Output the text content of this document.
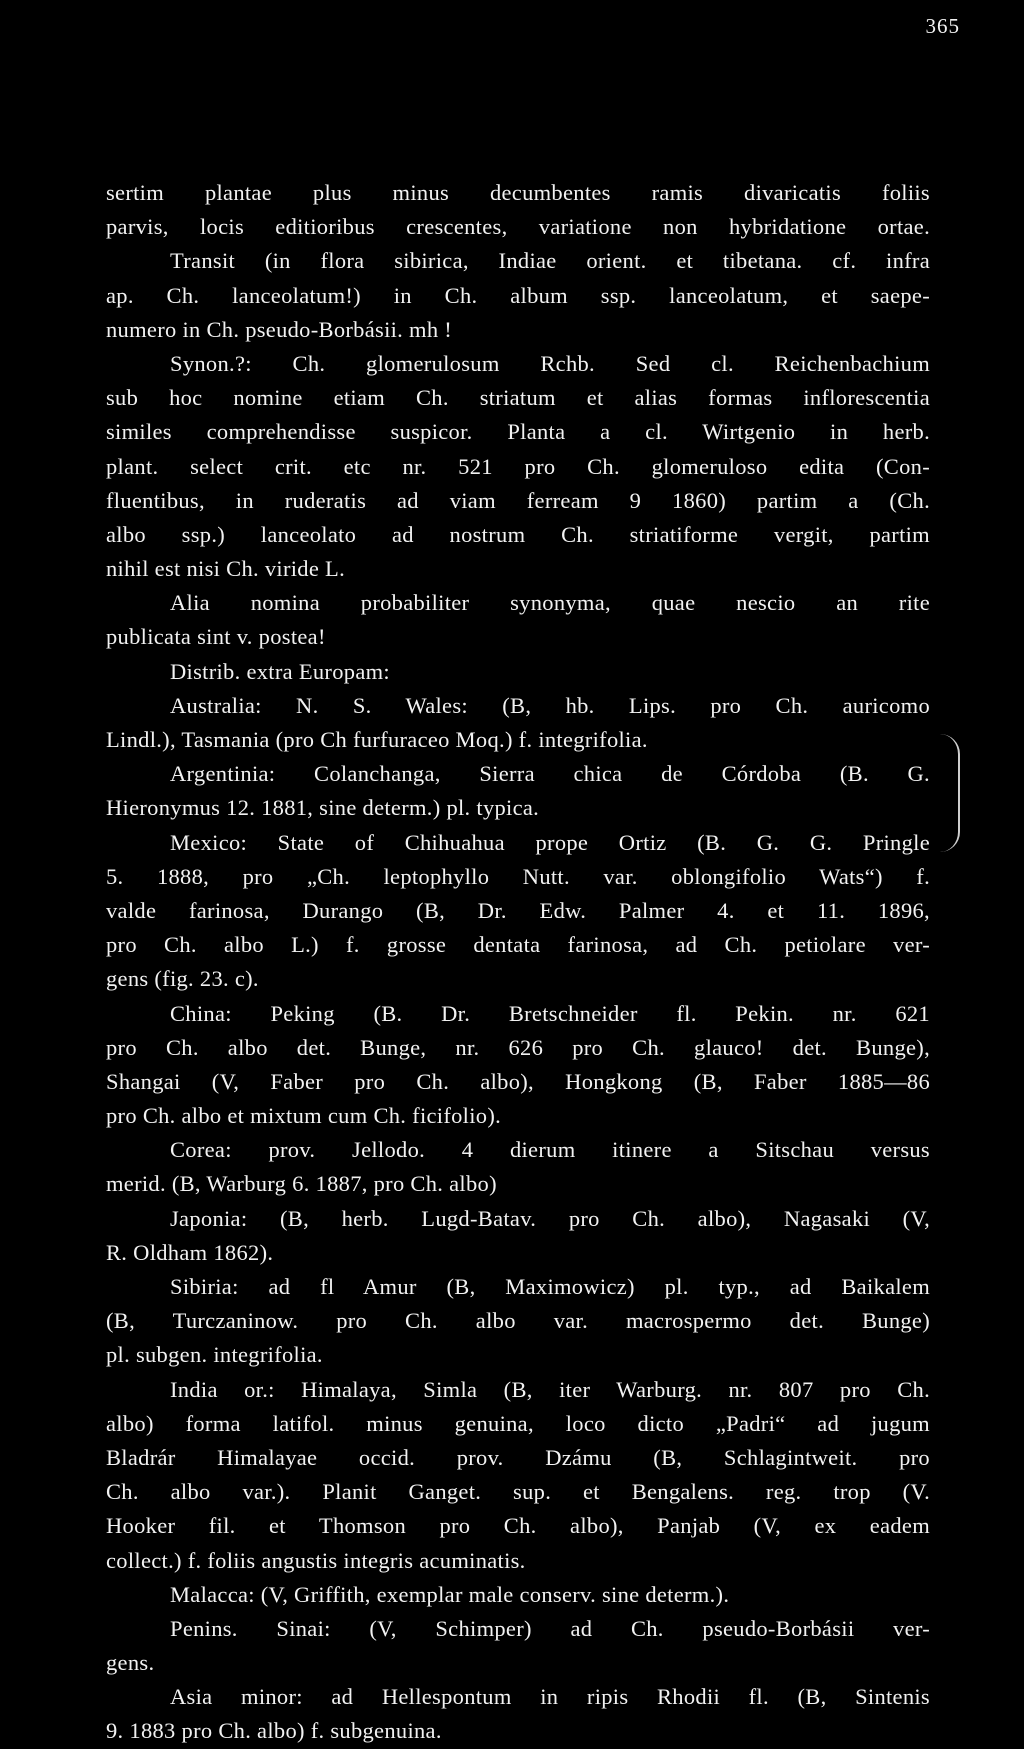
365
sertim plantae plus minus decumbentes ramis divaricatis foliis
parvis, locis editioribus crescentes, variatione non hybridatione ortae.
Transit (in flora sibirica, Indiae orient. et tibetana. cf. infra
ap. Ch. lanceolatum!) in Ch. album ssp. lanceolatum, et saepe-
numero in Ch. pseudo-Borbásii. mh !
Synon.?: Ch. glomerulosum Rchb. Sed cl. Reichenbachium
sub hoc nomine etiam Ch. striatum et alias formas inflorescentia
similes comprehendisse suspicor. Planta a cl. Wirtgenio in herb.
plant. select crit. etc nr. 521 pro Ch. glomeruloso edita (Con-
fluentibus, in ruderatis ad viam ferream 9 1860) partim a (Ch.
albo ssp.) lanceolato ad nostrum Ch. striatiforme vergit, partim
nihil est nisi Ch. viride L.
Alia nomina probabiliter synonyma, quae nescio an rite
publicata sint v. postea!
Distrib. extra Europam:
Australia: N. S. Wales: (B, hb. Lips. pro Ch. auricomo
Lindl.), Tasmania (pro Ch furfuraceo Moq.) f. integrifolia.
Argentinia: Colanchanga, Sierra chica de Córdoba (B. G.
Hieronymus 12. 1881, sine determ.) pl. typica.
Mexico: State of Chihuahua prope Ortiz (B. G. G. Pringle
5. 1888, pro „Ch. leptophyllo Nutt. var. oblongifolio Wats“) f.
valde farinosa, Durango (B, Dr. Edw. Palmer 4. et 11. 1896,
pro Ch. albo L.) f. grosse dentata farinosa, ad Ch. petiolare ver-
gens (fig. 23. c).
China: Peking (B. Dr. Bretschneider fl. Pekin. nr. 621
pro Ch. albo det. Bunge, nr. 626 pro Ch. glauco! det. Bunge),
Shangai (V, Faber pro Ch. albo), Hongkong (B, Faber 1885—86
pro Ch. albo et mixtum cum Ch. ficifolio).
Corea: prov. Jellodo. 4 dierum itinere a Sitschau versus
merid. (B, Warburg 6. 1887, pro Ch. albo)
Japonia: (B, herb. Lugd-Batav. pro Ch. albo), Nagasaki (V,
R. Oldham 1862).
Sibiria: ad fl Amur (B, Maximowicz) pl. typ., ad Baikalem
(B, Turczaninow. pro Ch. albo var. macrospermo det. Bunge)
pl. subgen. integrifolia.
India or.: Himalaya, Simla (B, iter Warburg. nr. 807 pro Ch.
albo) forma latifol. minus genuina, loco dicto „Padri“ ad jugum
Bladrár Himalayae occid. prov. Dzámu (B, Schlagintweit. pro
Ch. albo var.). Planit Ganget. sup. et Bengalens. reg. trop (V.
Hooker fil. et Thomson pro Ch. albo), Panjab (V, ex eadem
collect.) f. foliis angustis integris acuminatis.
Malacca: (V, Griffith, exemplar male conserv. sine determ.).
Penins. Sinai: (V, Schimper) ad Ch. pseudo-Borbásii ver-
gens.
Asia minor: ad Hellespontum in ripis Rhodii fl. (B, Sintenis
9. 1883 pro Ch. albo) f. subgenuina.
